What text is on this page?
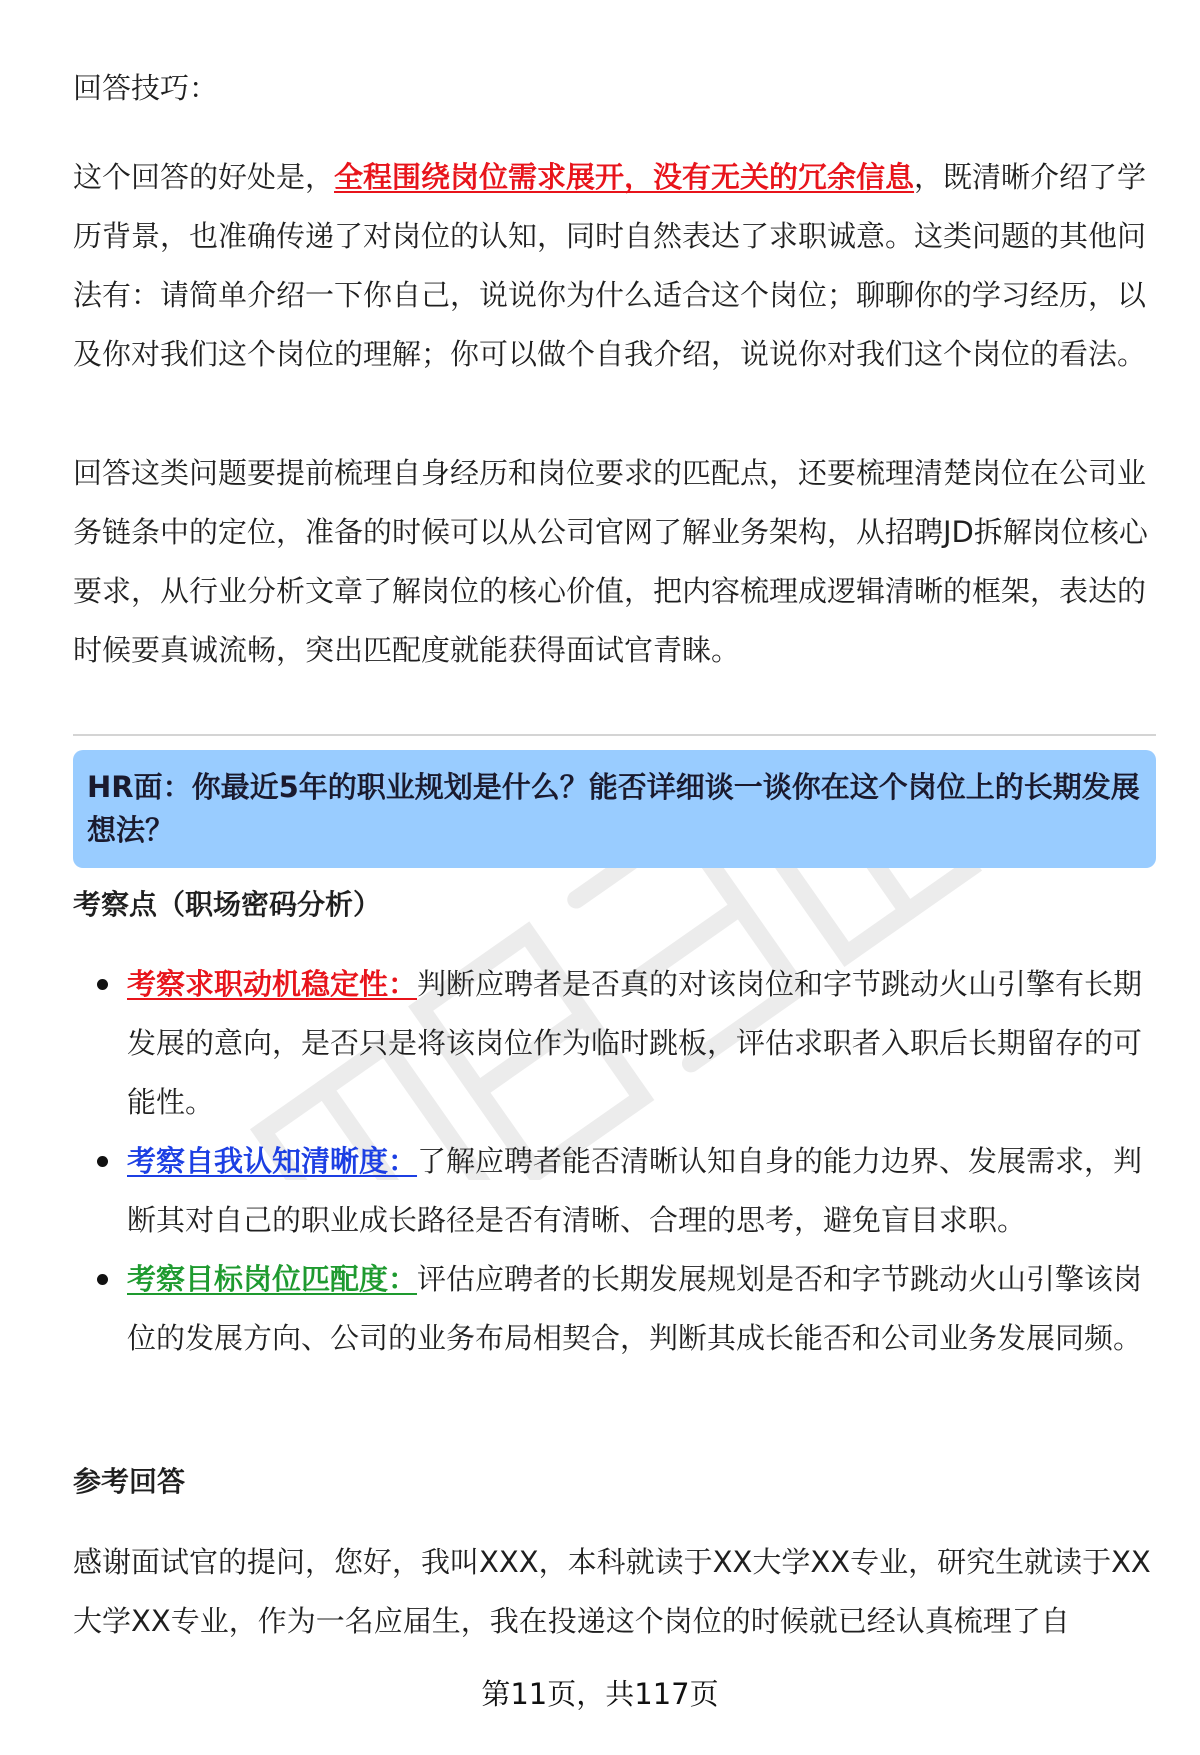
回答技巧：

这个回答的好处是，全程围绕岗位需求展开，没有无关的冗余信息，既清晰介绍了学历背景，也准确传递了对岗位的认知，同时自然表达了求职诚意。这类问题的其他问法有：请简单介绍一下你自己，说说你为什么适合这个岗位；聊聊你的学习经历，以及你对我们这个岗位的理解；你可以做个自我介绍，说说你对我们这个岗位的看法。

回答这类问题要提前梳理自身经历和岗位要求的匹配点，还要梳理清楚岗位在公司业务链条中的定位，准备的时候可以从公司官网了解业务架构，从招聘JD拆解岗位核心要求，从行业分析文章了解岗位的核心价值，把内容梳理成逻辑清晰的框架，表达的时候要真诚流畅，突出匹配度就能获得面试官青睐。

HR面：你最近5年的职业规划是什么？能否详细谈一谈你在这个岗位上的长期发展想法？

考察点（职场密码分析）

考察求职动机稳定性：判断应聘者是否真的对该岗位和字节跳动火山引擎有长期发展的意向，是否只是将该岗位作为临时跳板，评估求职者入职后长期留存的可能性。
考察自我认知清晰度：了解应聘者能否清晰认知自身的能力边界、发展需求，判断其对自己的职业成长路径是否有清晰、合理的思考，避免盲目求职。
考察目标岗位匹配度：评估应聘者的长期发展规划是否和字节跳动火山引擎该岗位的发展方向、公司的业务布局相契合，判断其成长能否和公司业务发展同频。

参考回答

感谢面试官的提问，您好，我叫XXX，本科就读于XX大学XX专业，研究生就读于XX大学XX专业，作为一名应届生，我在投递这个岗位的时候就已经认真梳理了自

第11页，共117页
